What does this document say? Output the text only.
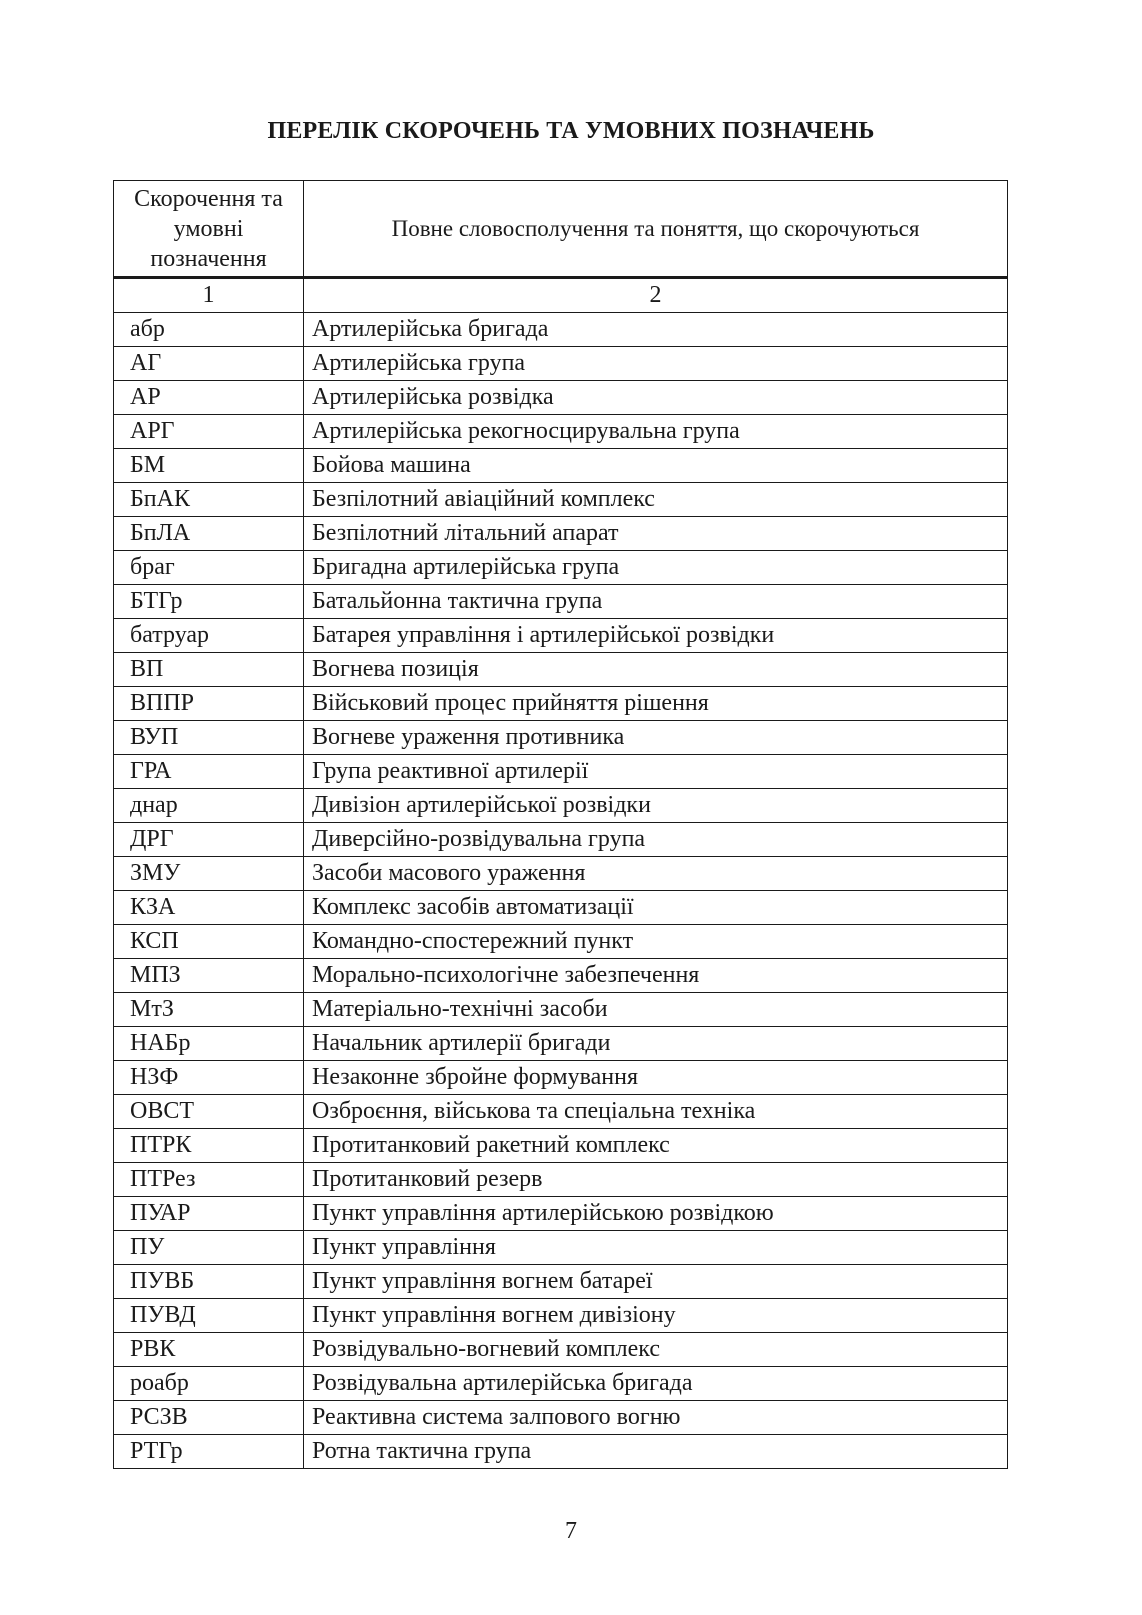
ПЕРЕЛІК СКОРОЧЕНЬ ТА УМОВНИХ ПОЗНАЧЕНЬ
Скорочення та умовні позначення	Повне словосполучення та поняття, що скорочуються
1	2
абр	Артилерійська бригада
АГ	Артилерійська група
АР	Артилерійська розвідка
АРГ	Артилерійська рекогносцирувальна група
БМ	Бойова машина
БпАК	Безпілотний авіаційний комплекс
БпЛА	Безпілотний літальний апарат
браг	Бригадна артилерійська група
БТГр	Батальйонна тактична група
батруар	Батарея управління і артилерійської розвідки
ВП	Вогнева позиція
ВППР	Військовий процес прийняття рішення
ВУП	Вогневе ураження противника
ГРА	Група реактивної артилерії
днар	Дивізіон артилерійської розвідки
ДРГ	Диверсійно-розвідувальна група
ЗМУ	Засоби масового ураження
КЗА	Комплекс засобів автоматизації
КСП	Командно-спостережний пункт
МПЗ	Морально-психологічне забезпечення
МтЗ	Матеріально-технічні засоби
НАБр	Начальник артилерії бригади
НЗФ	Незаконне збройне формування
ОВСТ	Озброєння, військова та спеціальна техніка
ПТРК	Протитанковий ракетний комплекс
ПТРез	Протитанковий резерв
ПУАР	Пункт управління артилерійською розвідкою
ПУ	Пункт управління
ПУВБ	Пункт управління вогнем батареї
ПУВД	Пункт управління вогнем дивізіону
РВК	Розвідувально-вогневий комплекс
роабр	Розвідувальна артилерійська бригада
РСЗВ	Реактивна система залпового вогню
РТГр	Ротна тактична група
7
